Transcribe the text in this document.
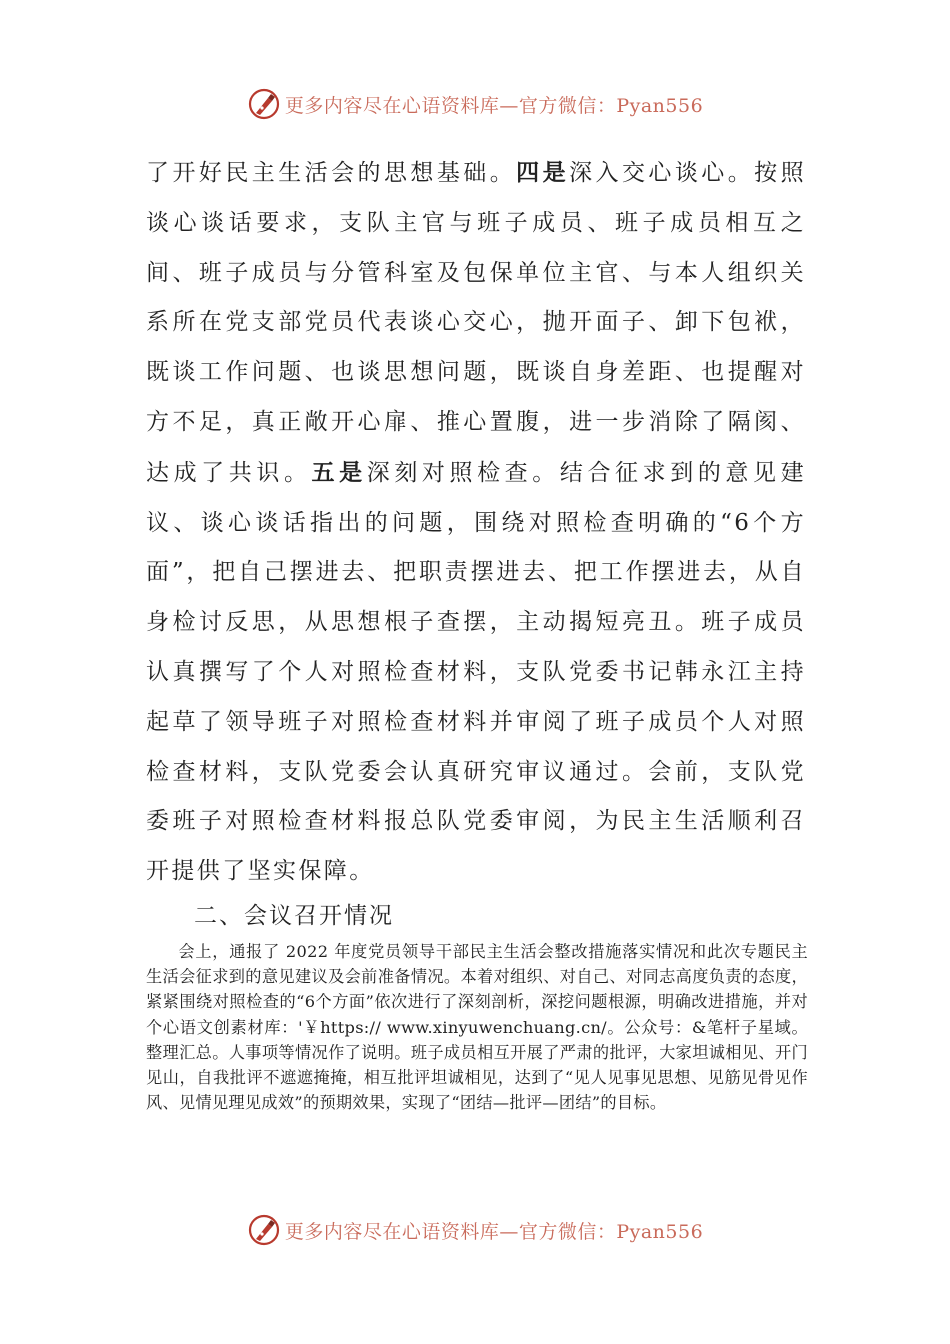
更多内容尽在心语资料库—官方微信：Pyan556

了开好民主生活会的思想基础。四是深入交心谈心。按照谈心谈话要求，支队主官与班子成员、班子成员相互之间、班子成员与分管科室及包保单位主官、与本人组织关系所在党支部党员代表谈心交心，抛开面子、卸下包袱，既谈工作问题、也谈思想问题，既谈自身差距、也提醒对方不足，真正敞开心扉、推心置腹，进一步消除了隔阂、达成了共识。五是深刻对照检查。结合征求到的意见建议、谈心谈话指出的问题，围绕对照检查明确的“6个方面”，把自己摆进去、把职责摆进去、把工作摆进去，从自身检讨反思，从思想根子查摆，主动揭短亮丑。班子成员认真撰写了个人对照检查材料，支队党委书记韩永江主持起草了领导班子对照检查材料并审阅了班子成员个人对照检查材料，支队党委会认真研究审议通过。会前，支队党委班子对照检查材料报总队党委审阅，为民主生活顺利召开提供了坚实保障。

二、会议召开情况

会上，通报了 2022 年度党员领导干部民主生活会整改措施落实情况和此次专题民主生活会征求到的意见建议及会前准备情况。本着对组织、对自己、对同志高度负责的态度，紧紧围绕对照检查的“6个方面”依次进行了深刻剖析，深挖问题根源，明确改进措施，并对个心语文创素材库：'￥https:// www.xinyuwenchuang.cn/。公众号：&笔杆子星域。整理汇总。人事项等情况作了说明。班子成员相互开展了严肃的批评，大家坦诚相见、开门见山，自我批评不遮遮掩掩，相互批评坦诚相见，达到了“见人见事见思想、见筋见骨见作风、见情见理见成效”的预期效果，实现了“团结—批评—团结”的目标。

更多内容尽在心语资料库—官方微信：Pyan556
